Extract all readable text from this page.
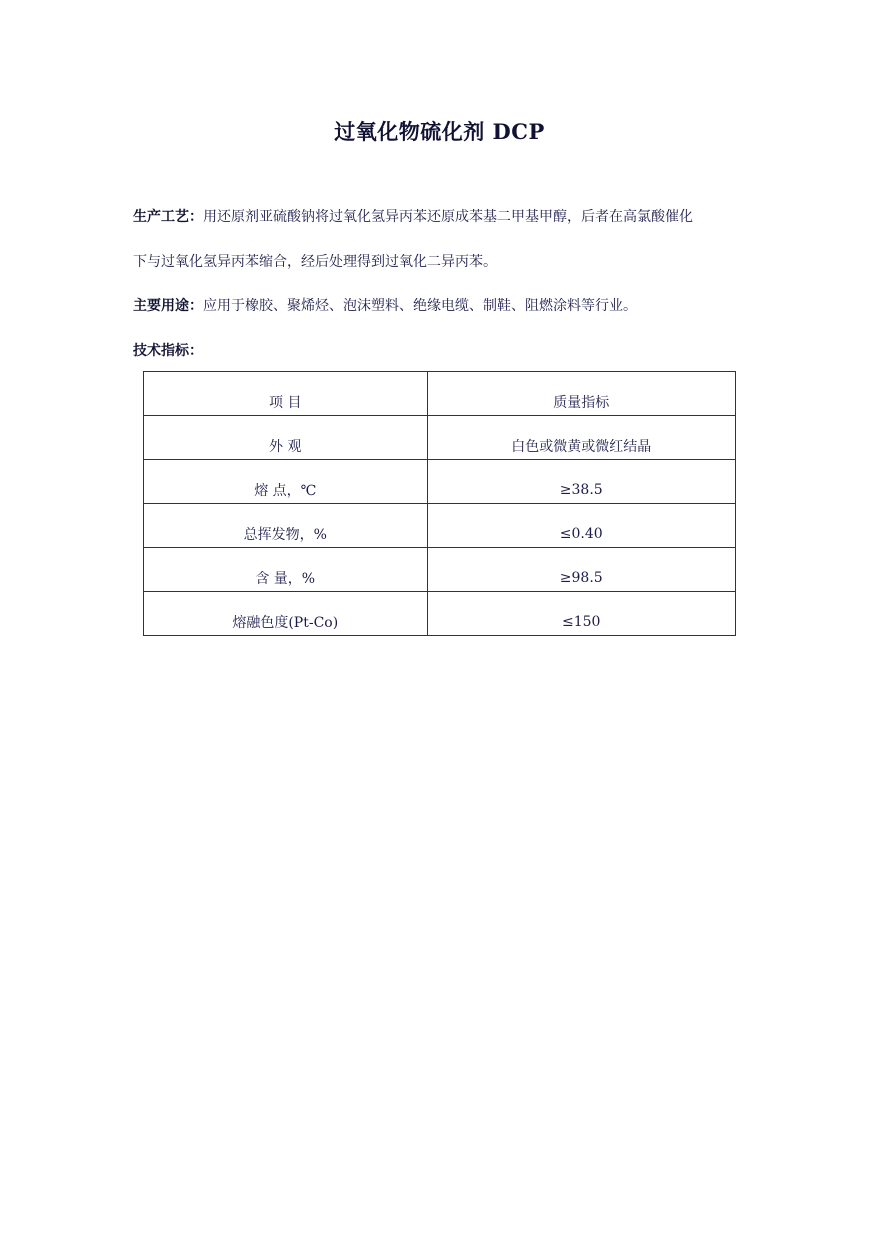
过氧化物硫化剂 DCP
生产工艺：用还原剂亚硫酸钠将过氧化氢异丙苯还原成苯基二甲基甲醇，后者在高氯酸催化
下与过氧化氢异丙苯缩合，经后处理得到过氧化二异丙苯。
主要用途：应用于橡胶、聚烯烃、泡沫塑料、绝缘电缆、制鞋、阻燃涂料等行业。
技术指标：
项 目	质量指标
外 观	白色或微黄或微红结晶
熔 点，℃	≥38.5
总挥发物，%	≤0.40
含 量，%	≥98.5
熔融色度(Pt-Co)	≤150
